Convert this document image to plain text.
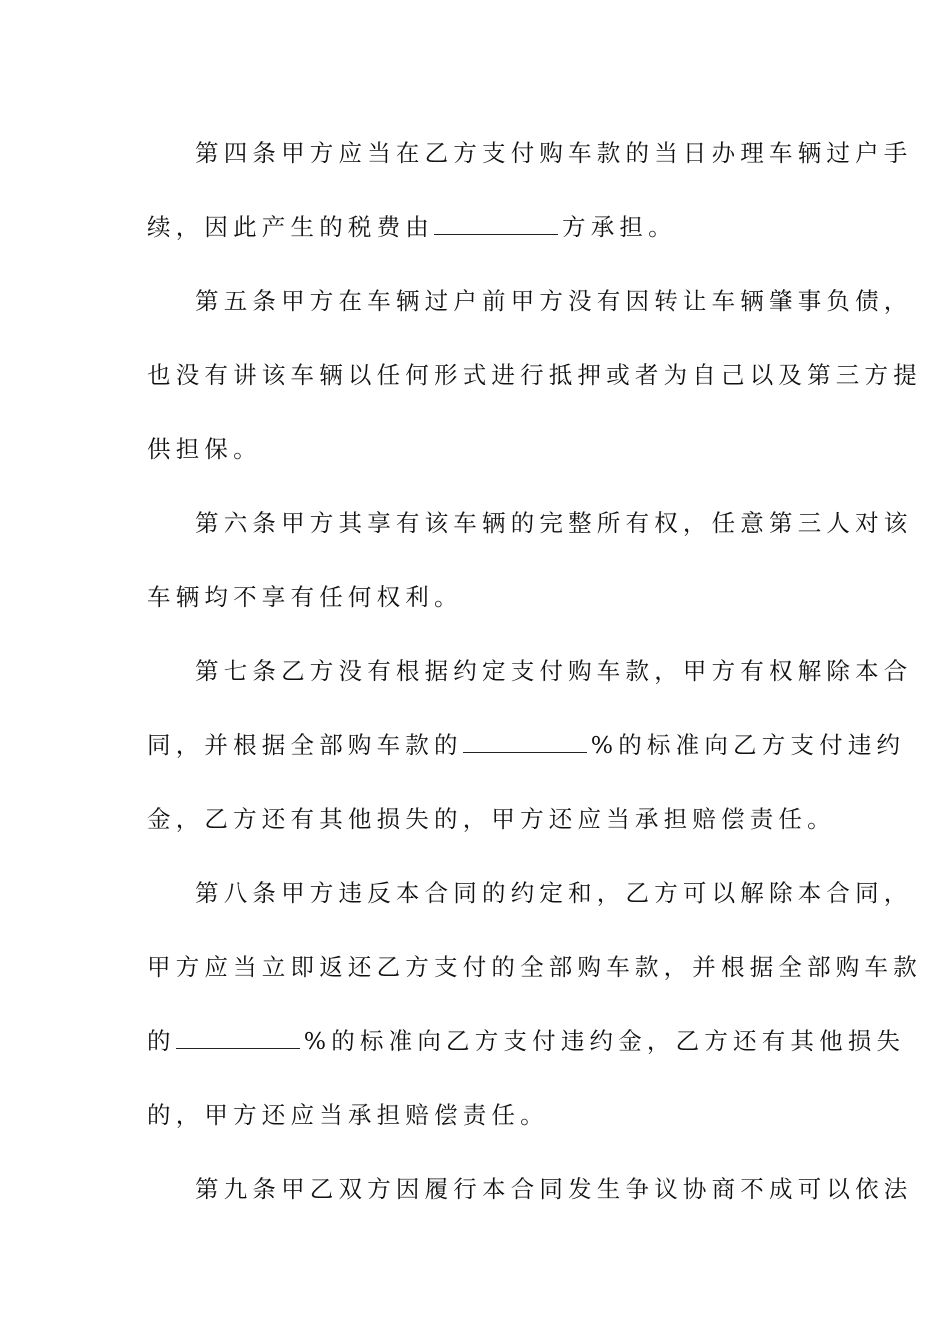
第四条甲方应当在乙方支付购车款的当日办理车辆过户手
续，因此产生的税费由	方承担。
第五条甲方在车辆过户前甲方没有因转让车辆肇事负债，
也没有讲该车辆以任何形式进行抵押或者为自己以及第三方提
供担保。
第六条甲方其享有该车辆的完整所有权，任意第三人对该
车辆均不享有任何权利。
第七条乙方没有根据约定支付购车款，甲方有权解除本合
同，并根据全部购车款的	%的标准向乙方支付违约
金，乙方还有其他损失的，甲方还应当承担赔偿责任。
第八条甲方违反本合同的约定和，乙方可以解除本合同，
甲方应当立即返还乙方支付的全部购车款，并根据全部购车款
的	%的标准向乙方支付违约金，乙方还有其他损失
的，甲方还应当承担赔偿责任。
第九条甲乙双方因履行本合同发生争议协商不成可以依法
